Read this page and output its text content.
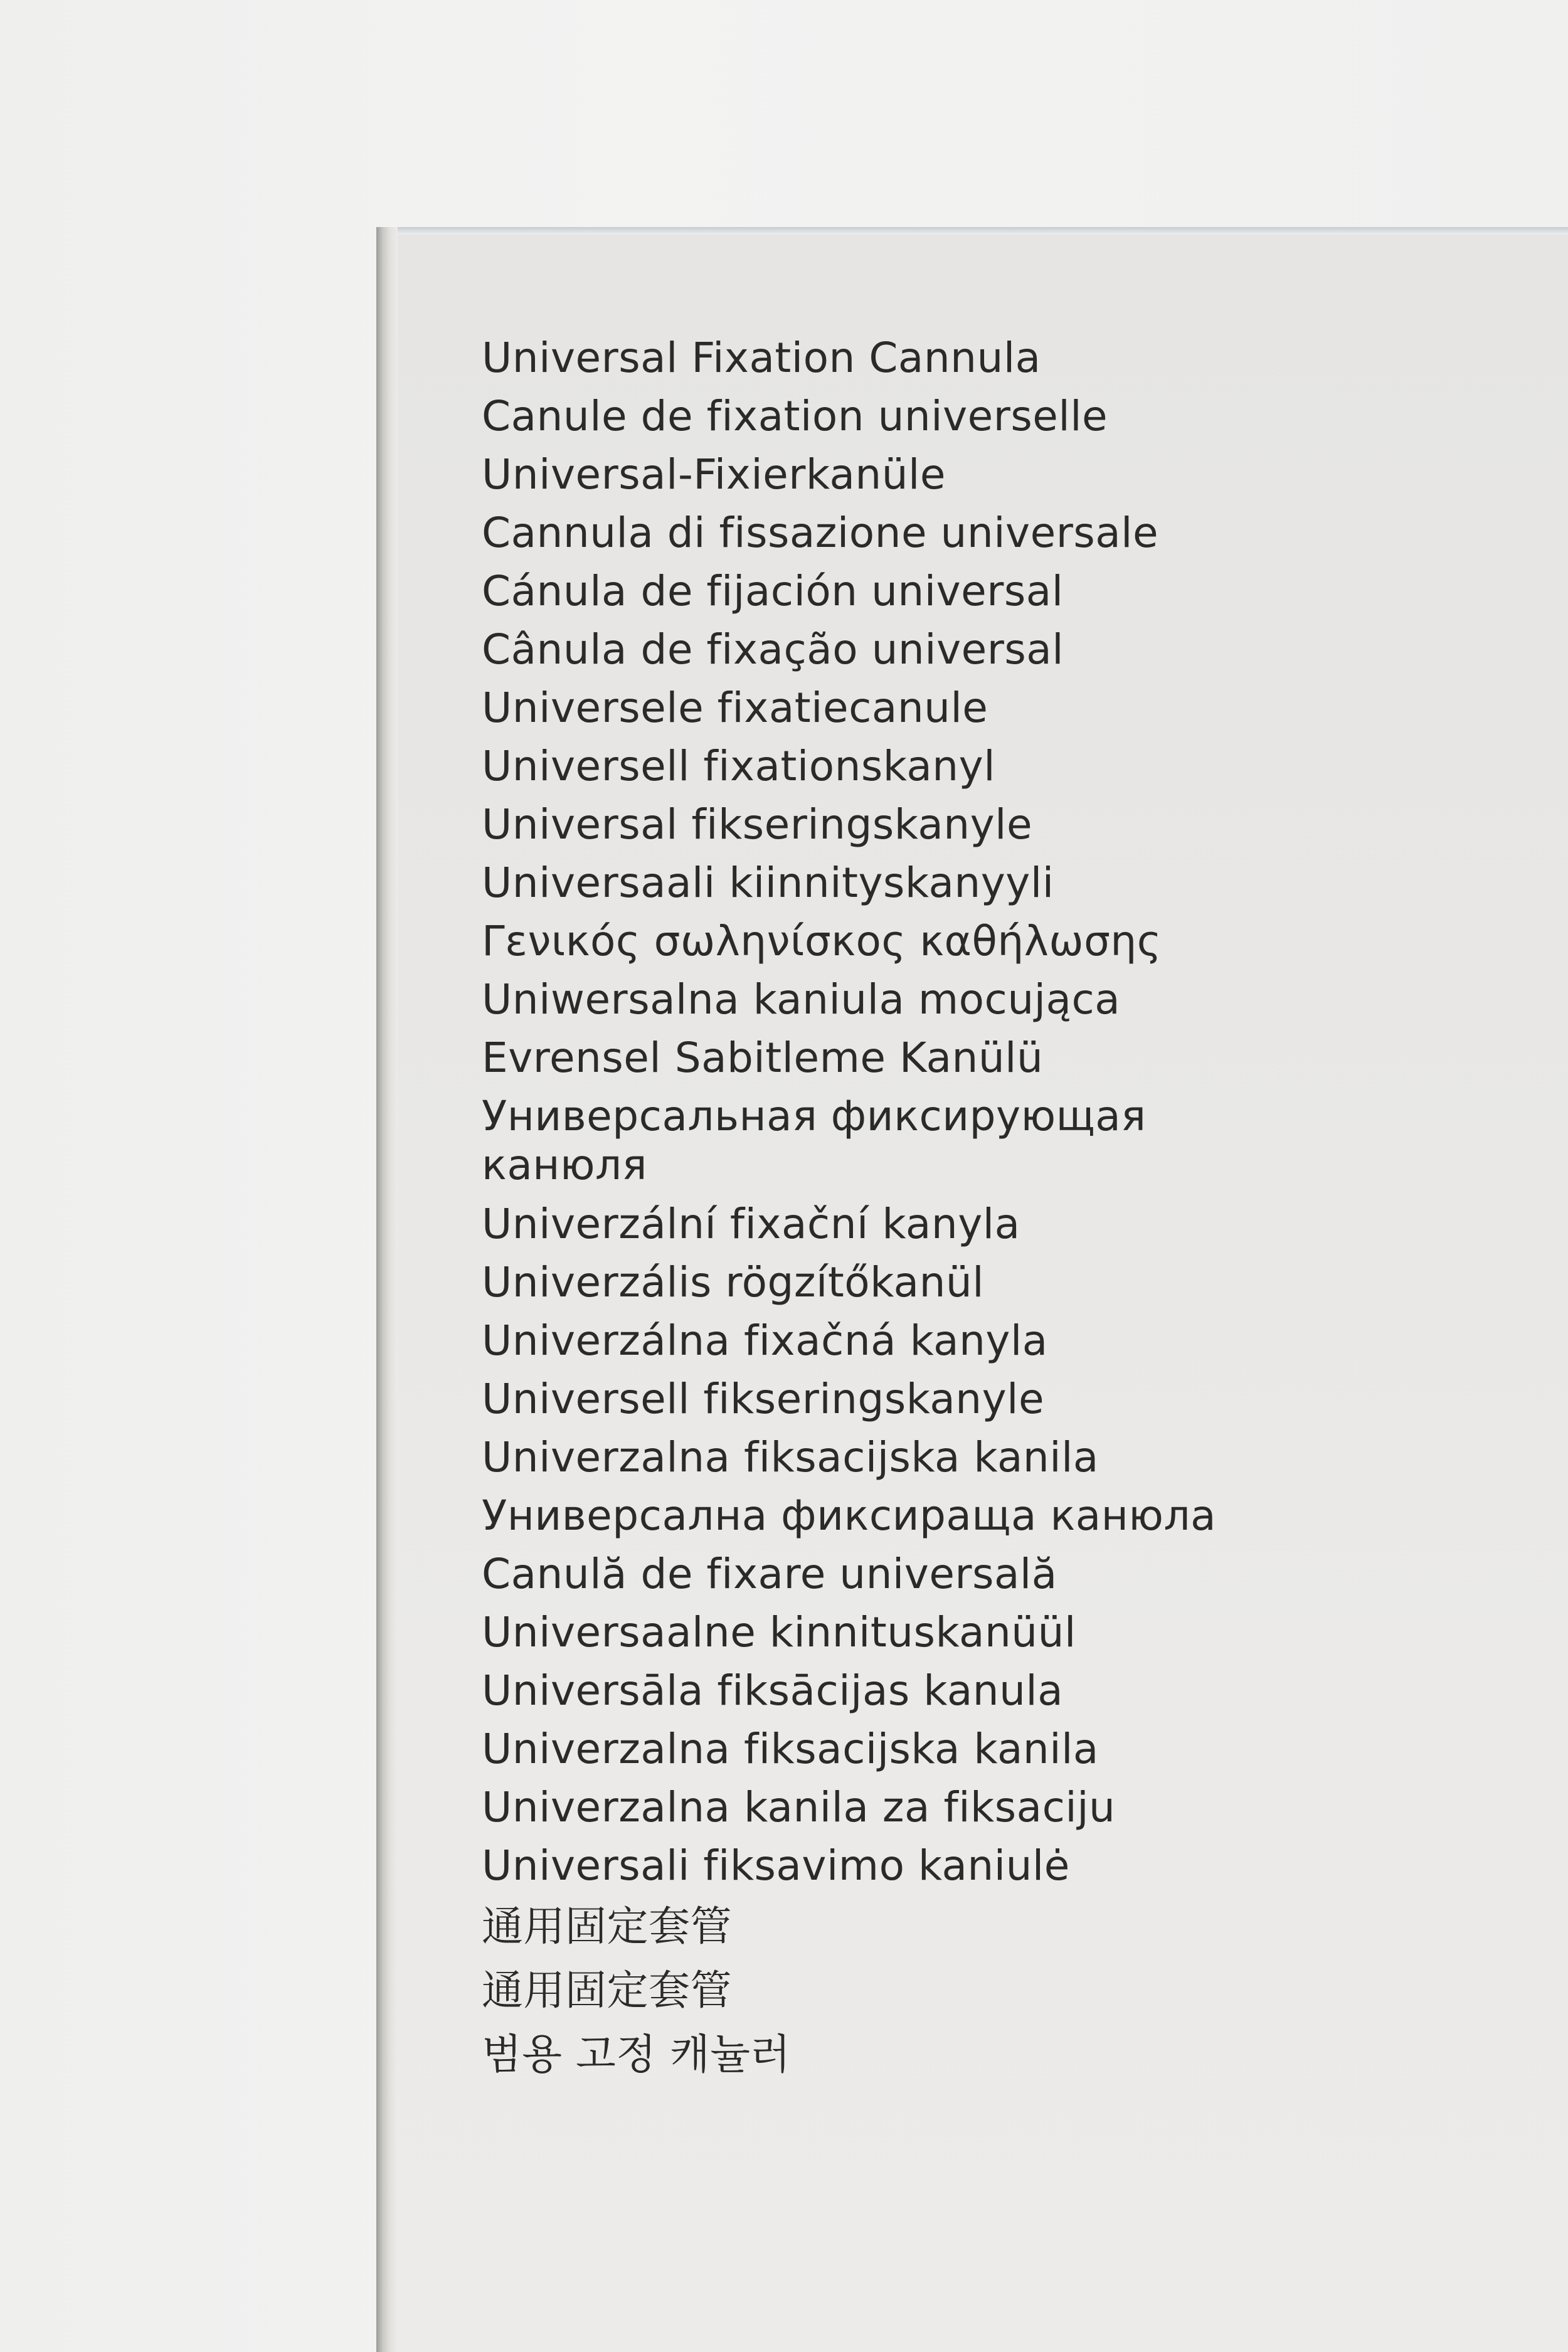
Universal Fixation Cannula
Canule de fixation universelle
Universal-Fixierkanüle
Cannula di fissazione universale
Cánula de fijación universal
Cânula de fixação universal
Universele fixatiecanule
Universell fixationskanyl
Universal fikseringskanyle
Universaali kiinnityskanyyli
Γενικός σωληνίσκος καθήλωσης
Uniwersalna kaniula mocująca
Evrensel Sabitleme Kanülü
Универсальная фиксирующая канюля
Univerzální fixační kanyla
Univerzális rögzítőkanül
Univerzálna fixačná kanyla
Universell fikseringskanyle
Univerzalna fiksacijska kanila
Универсална фиксираща канюла
Canulă de fixare universală
Universaalne kinnituskanüül
Universāla fiksācijas kanula
Univerzalna fiksacijska kanila
Univerzalna kanila za fiksaciju
Universali fiksavimo kaniulė
通用固定套管
通用固定套管
범용 고정 캐뉼러
